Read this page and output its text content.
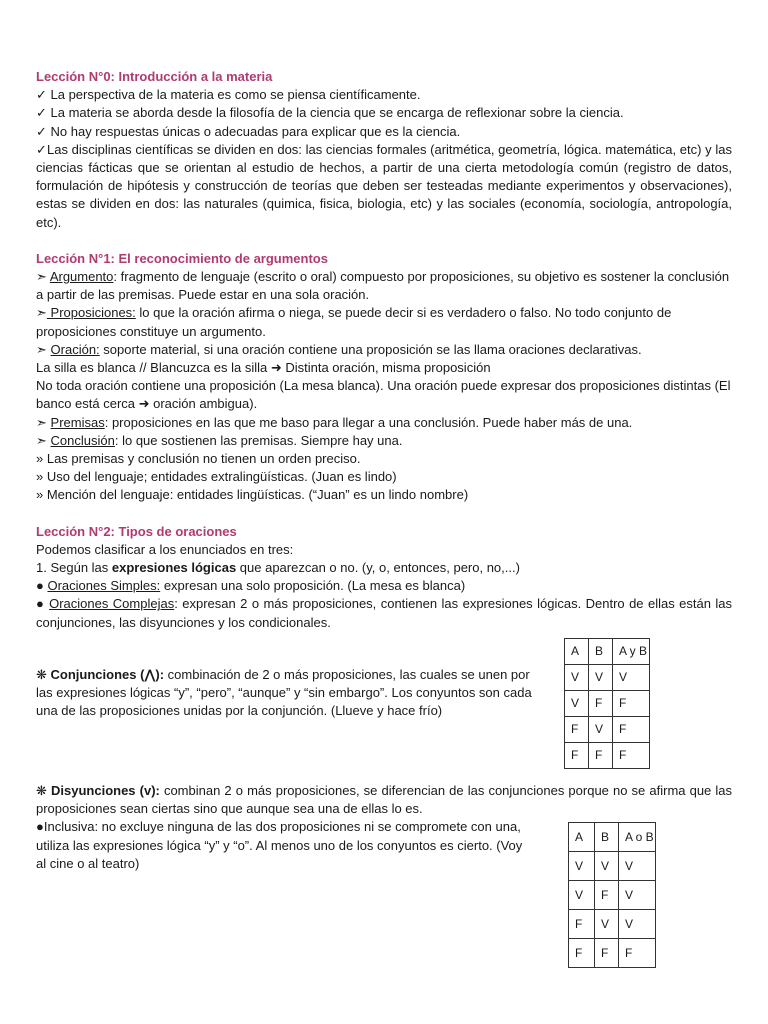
Lección N°0: Introducción a la materia

✓ La perspectiva de la materia es como se piensa científicamente.

✓ La materia se aborda desde la filosofía de la ciencia que se encarga de reflexionar sobre la ciencia.

✓ No hay respuestas únicas o adecuadas para explicar que es la ciencia.

✓Las disciplinas científicas se dividen en dos: las ciencias formales (aritmética, geometría, lógica. matemática, etc) y las ciencias fácticas que se orientan al estudio de hechos, a partir de una cierta metodología común (registro de datos, formulación de hipótesis y construcción de teorías que deben ser testeadas mediante experimentos y observaciones), estas se dividen en dos: las naturales (quimica, fisica, biologia, etc) y las sociales (economía, sociología, antropología, etc).

Lección N°1: El reconocimiento de argumentos

➣ Argumento: fragmento de lenguaje (escrito o oral) compuesto por proposiciones, su objetivo es sostener la conclusión a partir de las premisas. Puede estar en una sola oración.

➣ Proposiciones: lo que la oración afirma o niega, se puede decir si es verdadero o falso. No todo conjunto de proposiciones constituye un argumento.

➣ Oración: soporte material, si una oración contiene una proposición se las llama oraciones declarativas.

La silla es blanca // Blancuzca es la silla ➜ Distinta oración, misma proposición

No toda oración contiene una proposición (La mesa blanca). Una oración puede expresar dos proposiciones distintas (El banco está cerca ➜ oración ambigua).

➣ Premisas: proposiciones en las que me baso para llegar a una conclusión. Puede haber más de una.

➣ Conclusión: lo que sostienen las premisas. Siempre hay una.

» Las premisas y conclusión no tienen un orden preciso.

» Uso del lenguaje; entidades extralingüísticas. (Juan es lindo)

» Mención del lenguaje: entidades lingüísticas. (“Juan” es un lindo nombre)

Lección N°2: Tipos de oraciones

Podemos clasificar a los enunciados en tres:

1. Según las expresiones lógicas que aparezcan o no. (y, o, entonces, pero, no,...)

● Oraciones Simples: expresan una solo proposición. (La mesa es blanca)

● Oraciones Complejas: expresan 2 o más proposiciones, contienen las expresiones lógicas. Dentro de ellas están las conjunciones, las disyunciones y los condicionales.

❋ Conjunciones (⋀): combinación de 2 o más proposiciones, las cuales se unen por las expresiones lógicas “y”, “pero”, “aunque” y “sin embargo”. Los conyuntos son cada una de las proposiciones unidas por la conjunción. (Llueve y hace frío)

A	B	A y B
V	V	V
V	F	F
F	V	F
F	F	F

❋ Disyunciones (v): combinan 2 o más proposiciones, se diferencian de las conjunciones porque no se afirma que las proposiciones sean ciertas sino que aunque sea una de ellas lo es.

●Inclusiva: no excluye ninguna de las dos proposiciones ni se compromete con una, utiliza las expresiones lógica “y” y “o”. Al menos uno de los conyuntos es cierto. (Voy al cine o al teatro)

A	B	A o B
V	V	V
V	F	V
F	V	V
F	F	F
